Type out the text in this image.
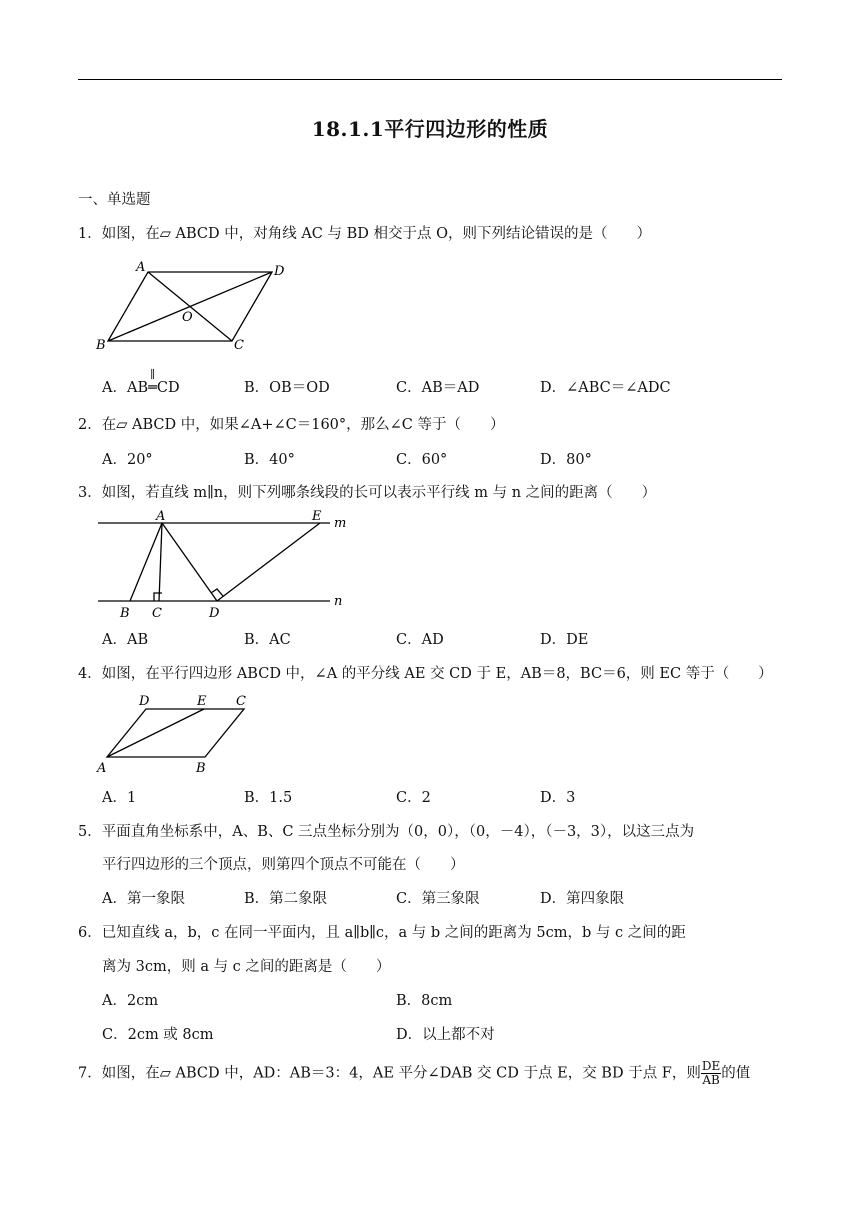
18.1.1平行四边形的性质
一、单选题
1．如图，在▱ ABCD 中，对角线 AC 与 BD 相交于点 O，则下列结论错误的是（　　）
A	D
O
B	C
A．AB
∥
═CD	B．OB＝OD	C．AB＝AD	D．∠ABC＝∠ADC
2．在▱ ABCD 中，如果∠A+∠C＝160°，那么∠C 等于（　　）
A．20°	B．40°	C．60°	D．80°
3．如图，若直线 m∥n，则下列哪条线段的长可以表示平行线 m 与 n 之间的距离（　　）
A	E m
B C	D
n
A．AB	B．AC	C．AD	D．DE
4．如图，在平行四边形 ABCD 中，∠A 的平分线 AE 交 CD 于 E，AB＝8，BC＝6，则 EC 等于（　　）
D	E C
A	B
A．1	B．1.5	C．2	D．3
5．平面直角坐标系中，A、B、C 三点坐标分别为（0，0），（0，－4），（－3，3），以这三点为
平行四边形的三个顶点，则第四个顶点不可能在（　　）
A．第一象限	B．第二象限	C．第三象限	D．第四象限
6．已知直线 a，b，c 在同一平面内，且 a∥b∥c，a 与 b 之间的距离为 5cm，b 与 c 之间的距
离为 3cm，则 a 与 c 之间的距离是（　　）
A．2cm	B．8cm
C．2cm 或 8cm	D．以上都不对
7．如图，在▱ ABCD 中，AD：AB＝3：4，AE 平分∠DAB 交 CD 于点 E，交 BD 于点 F，则 $\frac{DE}{AB}$ 的值
